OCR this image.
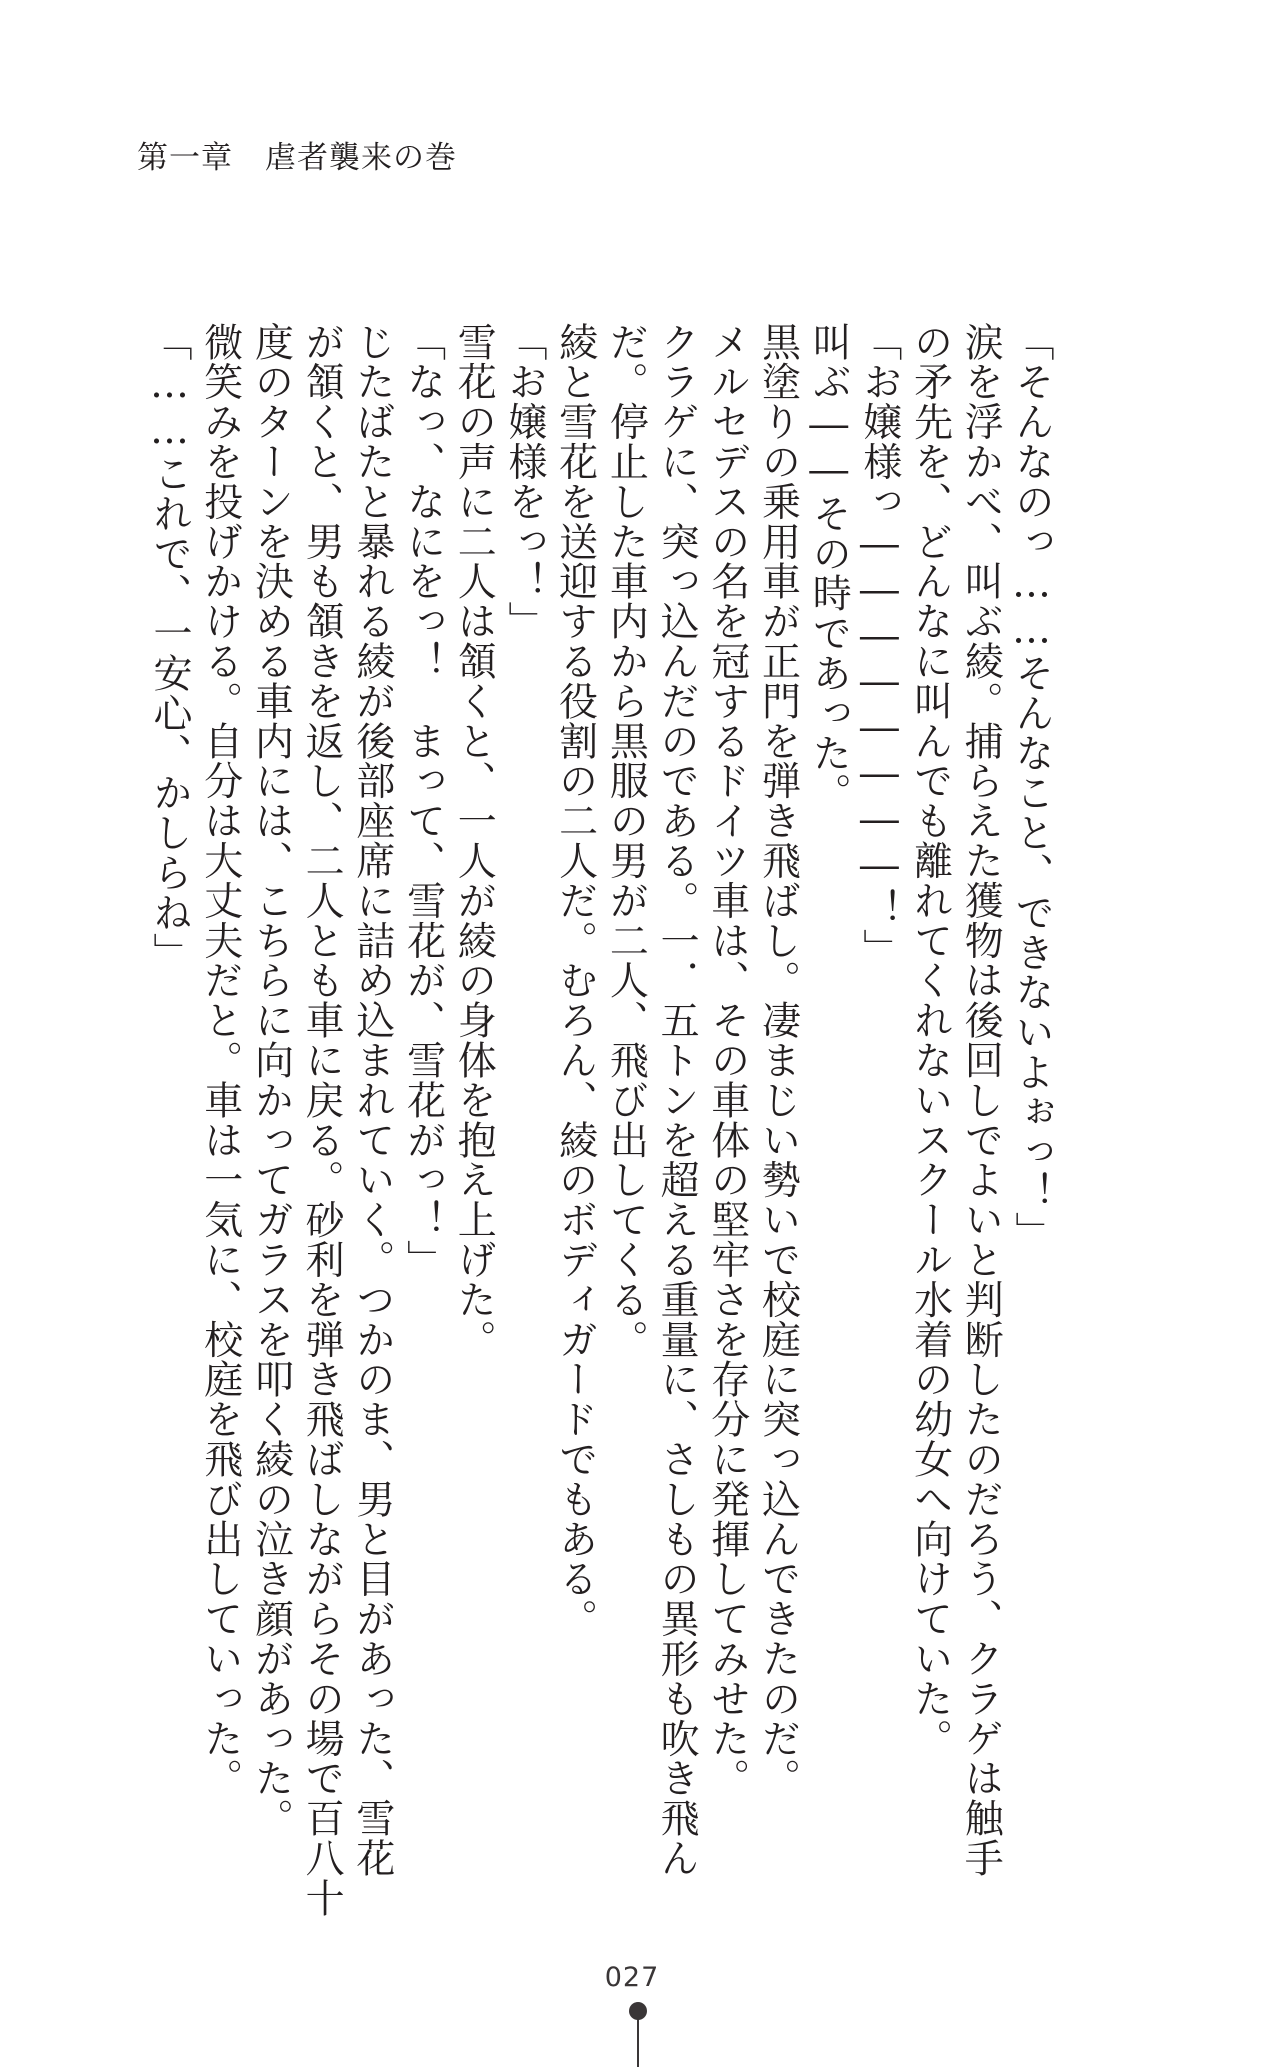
第一章　虐者襲来の巻
「そんなのっ……そんなこと、できないよぉっ！」
涙を浮かべ、叫ぶ綾。捕らえた獲物は後回しでよいと判断したのだろう、クラゲは触手
の矛先を、どんなに叫んでも離れてくれないスクール水着の幼女へ向けていた。
「お嬢様っ――――――――！」
叫ぶ――その時であった。
黒塗りの乗用車が正門を弾き飛ばし。凄まじい勢いで校庭に突っ込んできたのだ。
メルセデスの名を冠するドイツ車は、その車体の堅牢さを存分に発揮してみせた。
クラゲに、突っ込んだのである。一．五トンを超える重量に、さしもの異形も吹き飛ん
だ。停止した車内から黒服の男が二人、飛び出してくる。
綾と雪花を送迎する役割の二人だ。むろん、綾のボディガードでもある。
「お嬢様をっ！」
雪花の声に二人は頷くと、一人が綾の身体を抱え上げた。
「なっ、なにをっ！　まって、雪花が、雪花がっ！」
じたばたと暴れる綾が後部座席に詰め込まれていく。つかのま、男と目があった、雪花
が頷くと、男も頷きを返し、二人とも車に戻る。砂利を弾き飛ばしながらその場で百八十
度のターンを決める車内には、こちらに向かってガラスを叩く綾の泣き顔があった。
微笑みを投げかける。自分は大丈夫だと。車は一気に、校庭を飛び出していった。
「……これで、一安心、かしらね」
027
